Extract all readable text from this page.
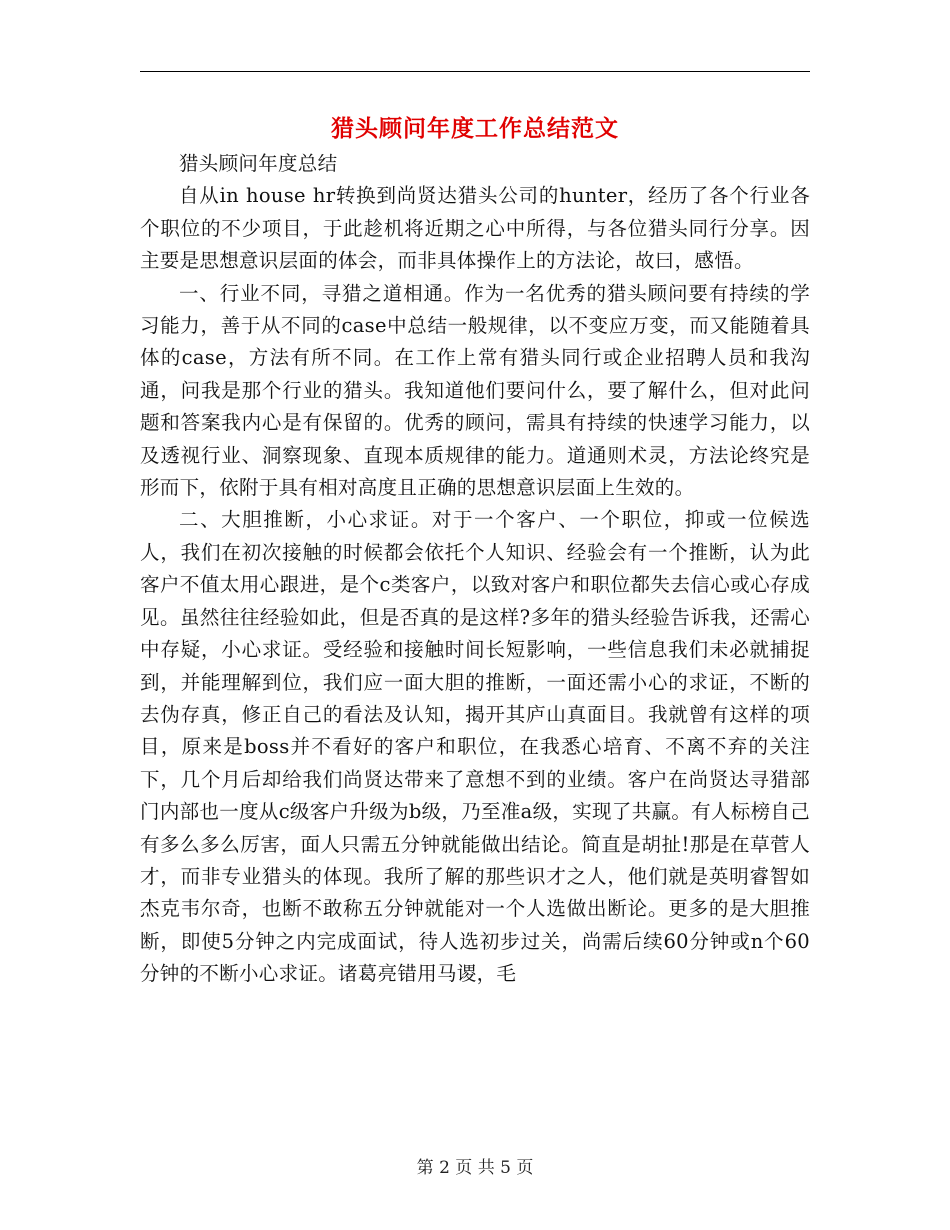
猎头顾问年度工作总结范文

猎头顾问年度总结

自从in house hr转换到尚贤达猎头公司的hunter，经历了各个行业各个职位的不少项目，于此趁机将近期之心中所得，与各位猎头同行分享。因主要是思想意识层面的体会，而非具体操作上的方法论，故曰，感悟。

一、行业不同，寻猎之道相通。作为一名优秀的猎头顾问要有持续的学习能力，善于从不同的case中总结一般规律，以不变应万变，而又能随着具体的case，方法有所不同。在工作上常有猎头同行或企业招聘人员和我沟通，问我是那个行业的猎头。我知道他们要问什么，要了解什么，但对此问题和答案我内心是有保留的。优秀的顾问，需具有持续的快速学习能力，以及透视行业、洞察现象、直现本质规律的能力。道通则术灵，方法论终究是形而下，依附于具有相对高度且正确的思想意识层面上生效的。

二、大胆推断，小心求证。对于一个客户、一个职位，抑或一位候选人，我们在初次接触的时候都会依托个人知识、经验会有一个推断，认为此客户不值太用心跟进，是个c类客户，以致对客户和职位都失去信心或心存成见。虽然往往经验如此，但是否真的是这样?多年的猎头经验告诉我，还需心中存疑，小心求证。受经验和接触时间长短影响，一些信息我们未必就捕捉到，并能理解到位，我们应一面大胆的推断，一面还需小心的求证，不断的去伪存真，修正自己的看法及认知，揭开其庐山真面目。我就曾有这样的项目，原来是boss并不看好的客户和职位，在我悉心培育、不离不弃的关注下，几个月后却给我们尚贤达带来了意想不到的业绩。客户在尚贤达寻猎部门内部也一度从c级客户升级为b级，乃至准a级，实现了共赢。有人标榜自己有多么多么厉害，面人只需五分钟就能做出结论。简直是胡扯!那是在草菅人才，而非专业猎头的体现。我所了解的那些识才之人，他们就是英明睿智如杰克韦尔奇，也断不敢称五分钟就能对一个人选做出断论。更多的是大胆推断，即使5分钟之内完成面试，待人选初步过关，尚需后续60分钟或n个60分钟的不断小心求证。诸葛亮错用马谡，毛

第 2 页 共 5 页
